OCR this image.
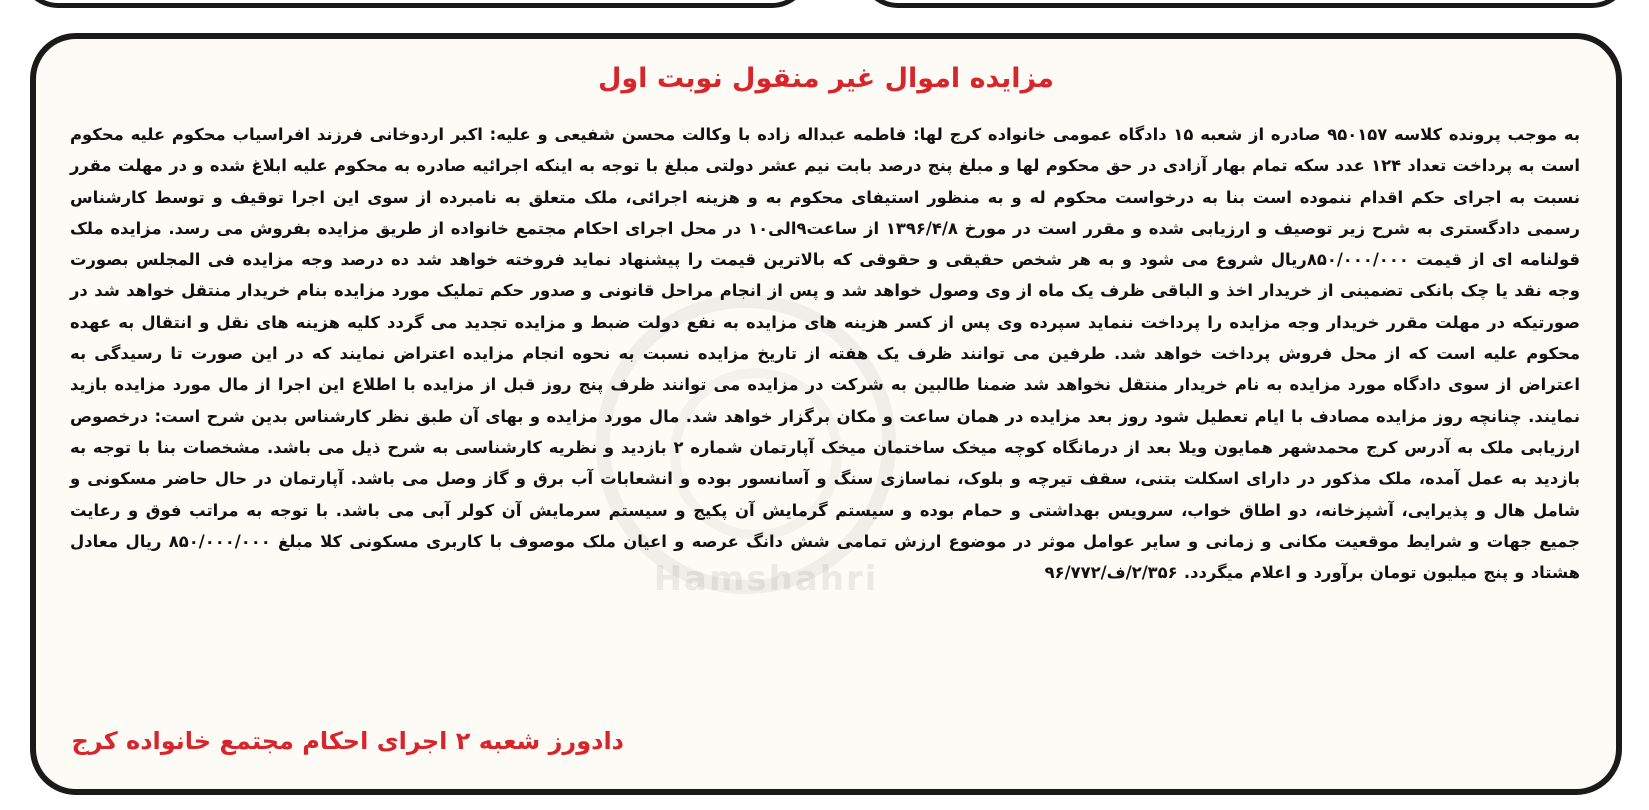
Hamshahri
مزایده اموال غیر منقول نوبت اول

به موجب پرونده کلاسه ۹۵۰۱۵۷ صادره از شعبه ۱۵ دادگاه عمومی خانواده کرج لها: فاطمه عبداله زاده با وکالت محسن شفیعی و علیه: اکبر اردوخانی فرزند افراسیاب محکوم علیه محکوم است به پرداخت تعداد ۱۲۴ عدد سکه تمام بهار آزادی در حق محکوم لها و مبلغ پنج درصد بابت نیم عشر دولتی مبلغ با توجه به اینکه اجرائیه صادره به محکوم علیه ابلاغ شده و در مهلت مقرر نسبت به اجرای حکم اقدام ننموده است بنا به درخواست محکوم له و به منظور استیفای محکوم به و هزینه اجرائی، ملک متعلق به نامبرده از سوی این اجرا توقیف و توسط کارشناس رسمی دادگستری به شرح زیر توصیف و ارزیابی شده و مقرر است در مورخ ۱۳۹۶/۴/۸ از ساعت۹الی۱۰ در محل اجرای احکام مجتمع خانواده از طریق مزایده بفروش می رسد. مزایده ملک قولنامه ای از قیمت ۸۵۰/۰۰۰/۰۰۰ریال شروع می شود و به هر شخص حقیقی و حقوقی که بالاترین قیمت را پیشنهاد نماید فروخته خواهد شد ده درصد وجه مزایده فی المجلس بصورت وجه نقد یا چک بانکی تضمینی از خریدار اخذ و الباقی ظرف یک ماه از وی وصول خواهد شد و پس از انجام مراحل قانونی و صدور حکم تملیک مورد مزایده بنام خریدار منتقل خواهد شد در صورتیکه در مهلت مقرر خریدار وجه مزایده را پرداخت ننماید سپرده وی پس از کسر هزینه های مزایده به نفع دولت ضبط و مزایده تجدید می گردد کلیه هزینه های نقل و انتقال به عهده محکوم علیه است که از محل فروش پرداخت خواهد شد. طرفین می توانند ظرف یک هفته از تاریخ مزایده نسبت به نحوه انجام مزایده اعتراض نمایند که در این صورت تا رسیدگی به اعتراض از سوی دادگاه مورد مزایده به نام خریدار منتقل نخواهد شد ضمنا طالبین به شرکت در مزایده می توانند ظرف پنج روز قبل از مزایده با اطلاع این اجرا از مال مورد مزایده بازید نمایند. چنانچه روز مزایده مصادف با ایام تعطیل شود روز بعد مزایده در همان ساعت و مکان برگزار خواهد شد. مال مورد مزایده و بهای آن طبق نظر کارشناس بدین شرح است: درخصوص ارزیابی ملک به آدرس کرج محمدشهر همایون ویلا بعد از درمانگاه کوچه میخک ساختمان میخک آپارتمان شماره ۲ بازدید و نظریه کارشناسی به شرح ذیل می باشد. مشخصات بنا با توجه به بازدید به عمل آمده، ملک مذکور در دارای اسکلت بتنی، سقف تیرچه و بلوک، نماسازی سنگ و آسانسور بوده و انشعابات آب برق و گاز وصل می باشد. آپارتمان در حال حاضر مسکونی و شامل هال و پذیرایی، آشپزخانه، دو اطاق خواب، سرویس بهداشتی و حمام بوده و سیستم گرمایش آن پکیج و سیستم سرمایش آن کولر آبی می باشد. با توجه به مراتب فوق و رعایت جمیع جهات و شرایط موقعیت مکانی و زمانی و سایر عوامل موثر در موضوع ارزش تمامی شش دانگ عرصه و اعیان ملک موصوف با کاربری مسکونی کلا مبلغ ۸۵۰/۰۰۰/۰۰۰ ریال معادل هشتاد و پنج میلیون تومان برآورد و اعلام میگردد. ۲/۳۵۶/ف/۹۶/۷۷۲

دادورز شعبه ۲ اجرای احکام مجتمع خانواده کرج
